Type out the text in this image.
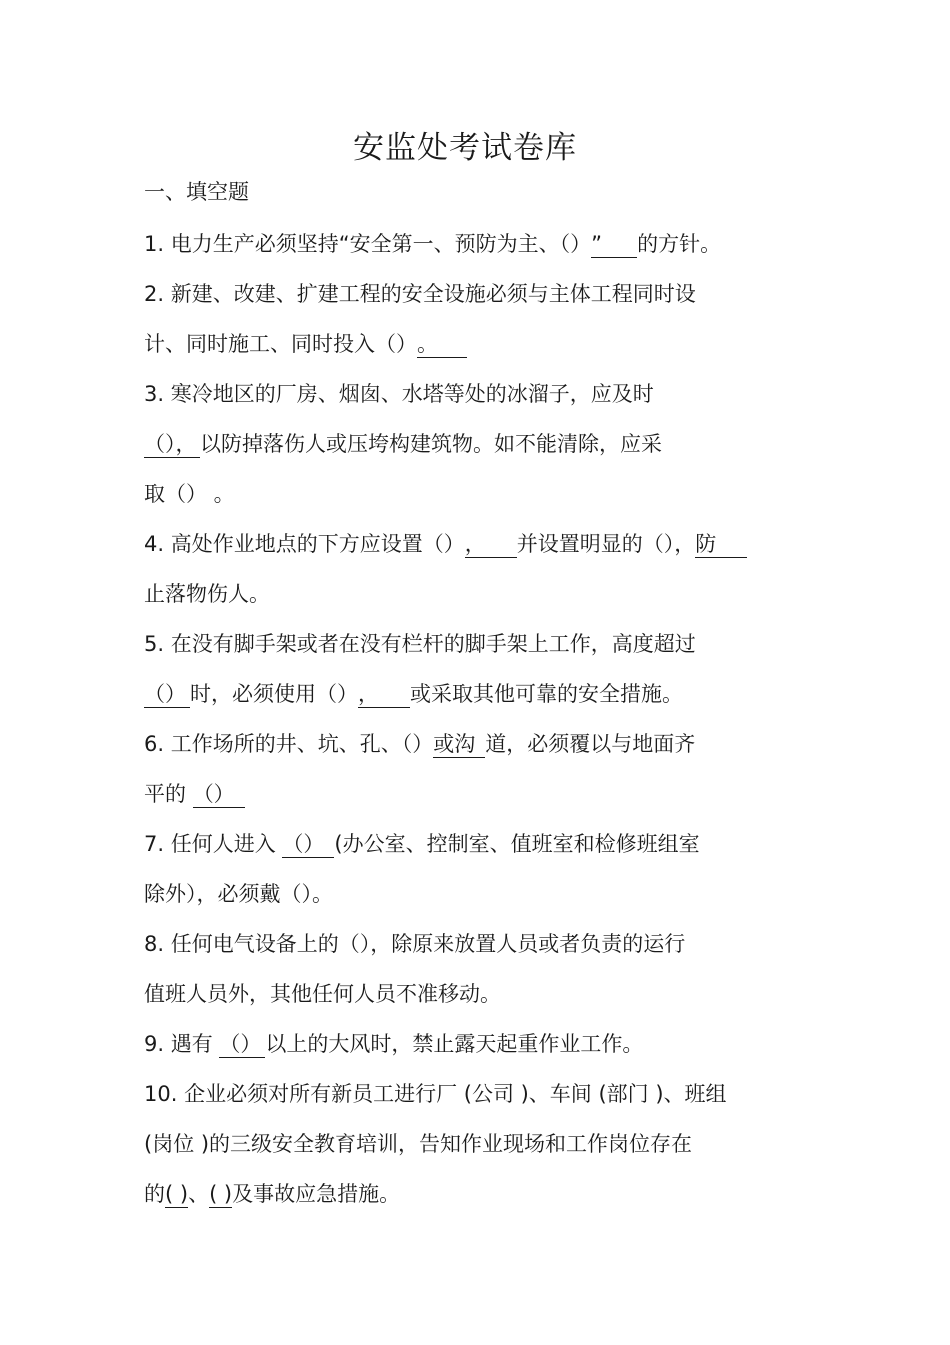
安监处考试卷库
一、填空题
1. 电力生产必须坚持“安全第一、预防为主、（）” 的方针。
2. 新建、改建、扩建工程的安全设施必须与主体工程同时设
计、同时施工、同时投入（）。
3. 寒冷地区的厂房、烟囱、水塔等处的冰溜子，应及时
（）， 以防掉落伤人或压垮构建筑物。如不能清除，应采
取（） 。
4. 高处作业地点的下方应设置（）， 并设置明显的（），防
止落物伤人。
5. 在没有脚手架或者在没有栏杆的脚手架上工作，高度超过
（） 时，必须使用（）， 或采取其他可靠的安全措施。
6. 工作场所的井、坑、孔、（）或沟 道，必须覆以与地面齐
平的 （）
7. 任何人进入 （） (办公室、控制室、值班室和检修班组室
除外），必须戴（）。
8. 任何电气设备上的（），除原来放置人员或者负责的运行
值班人员外，其他任何人员不准移动。
9. 遇有 （） 以上的大风时，禁止露天起重作业工作。
10. 企业必须对所有新员工进行厂 (公司 )、车间 (部门 )、班组
(岗位 )的三级安全教育培训，告知作业现场和工作岗位存在
的( )、( )及事故应急措施。
